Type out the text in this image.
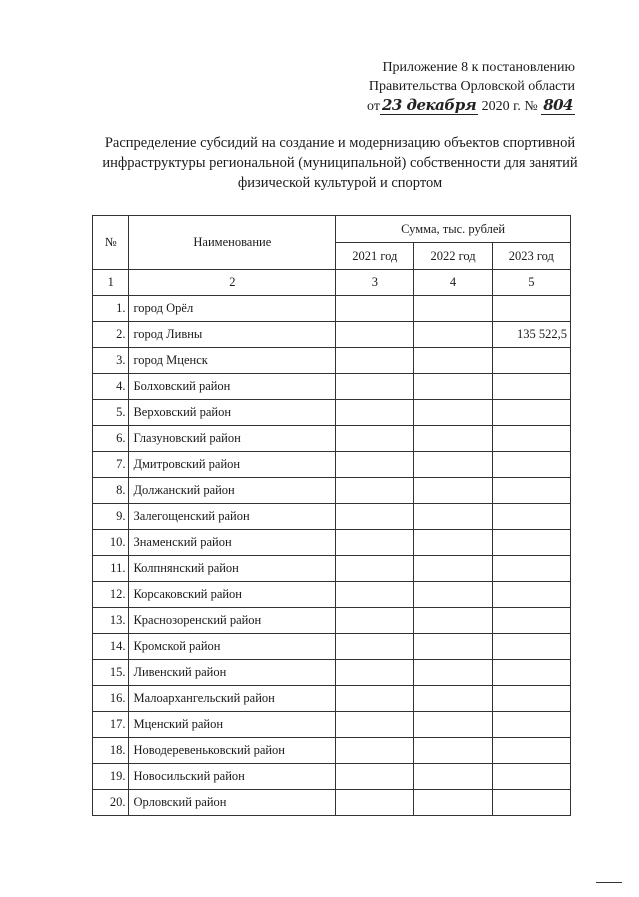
Приложение 8 к постановлению
Правительства Орловской области
от 23 декабря 2020 г. № 804
Распределение субсидий на создание и модернизацию объектов спортивной
инфраструктуры региональной (муниципальной) собственности для занятий
физической культурой и спортом
№	Наименование	Сумма, тыс. рублей		
		2021 год	2022 год	2023 год
1	2	3	4	5
1.	город Орёл			
2.	город Ливны			135 522,5
3.	город Мценск			
4.	Болховский район			
5.	Верховский район			
6.	Глазуновский район			
7.	Дмитровский район			
8.	Должанский район			
9.	Залегощенский район			
10.	Знаменский район			
11.	Колпнянский район			
12.	Корсаковский район			
13.	Краснозоренский район			
14.	Кромской район			
15.	Ливенский район			
16.	Малоархангельский район			
17.	Мценский район			
18.	Новодеревеньковский район			
19.	Новосильский район			
20.	Орловский район			
